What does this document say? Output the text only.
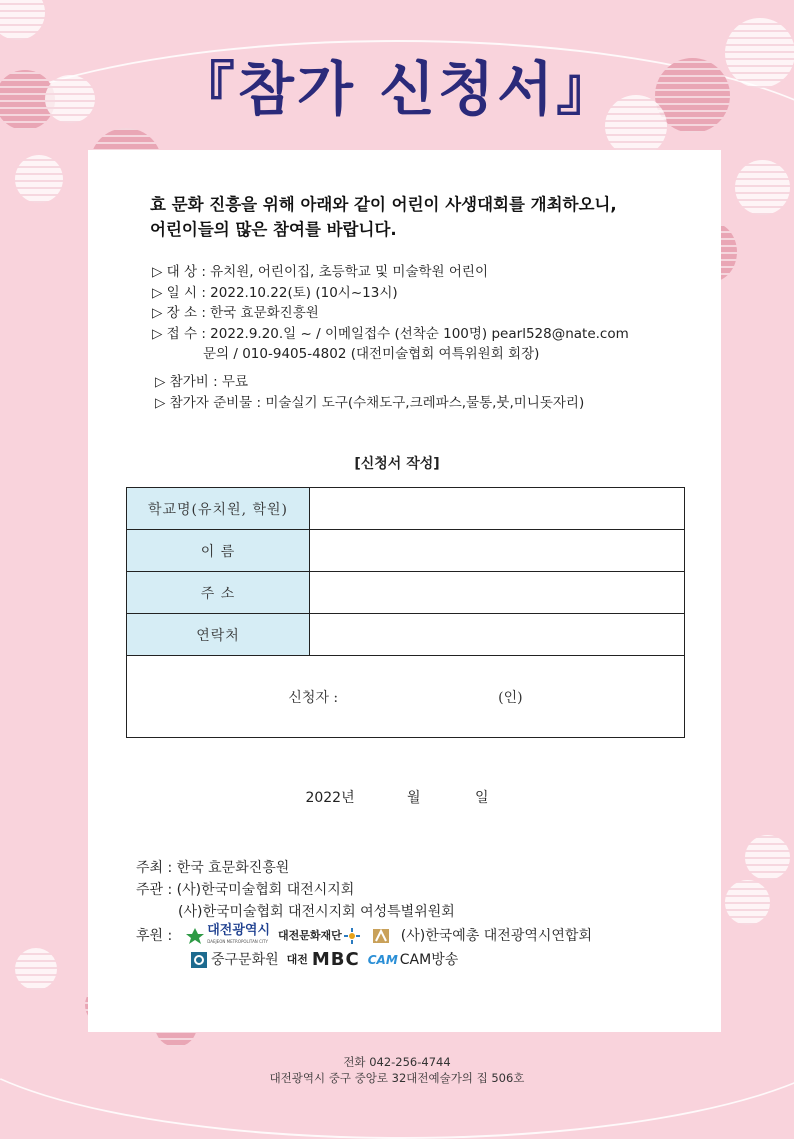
『참가 신청서』
효 문화 진흥을 위해 아래와 같이 어린이 사생대회를 개최하오니,
어린이들의 많은 참여를 바랍니다.
▷ 대 상 : 유치원, 어린이집, 초등학교 및 미술학원 어린이
▷ 일 시 : 2022.10.22(토) (10시~13시)
▷ 장 소 : 한국 효문화진흥원
▷ 접 수 : 2022.9.20.일 ~ / 이메일접수 (선착순 100명) pearl528@nate.com
문의 / 010-9405-4802 (대전미술협회 여특위원회 회장)
▷ 참가비 : 무료
▷ 참가자 준비물 : 미술실기 도구(수채도구,크레파스,물통,붓,미니돗자리)
[신청서 작성]
학교명(유치원, 학원)	
이 름	
주 소	
연락처	

신청자 : (인)	
2022년	월	일
주최 : 한국 효문화진흥원
주관 : (사)한국미술협회 대전시지회
(사)한국미술협회 대전시지회 여성특별위원회
후원 :	대전광역시
DAEJEON METROPOLITAN CITY 대전문화재단	(사)한국예총 대전광역시연합회
중구문화원 대전 MBC CAM CAM방송
전화 042-256-4744
대전광역시 중구 중앙로 32대전예술가의 집 506호
